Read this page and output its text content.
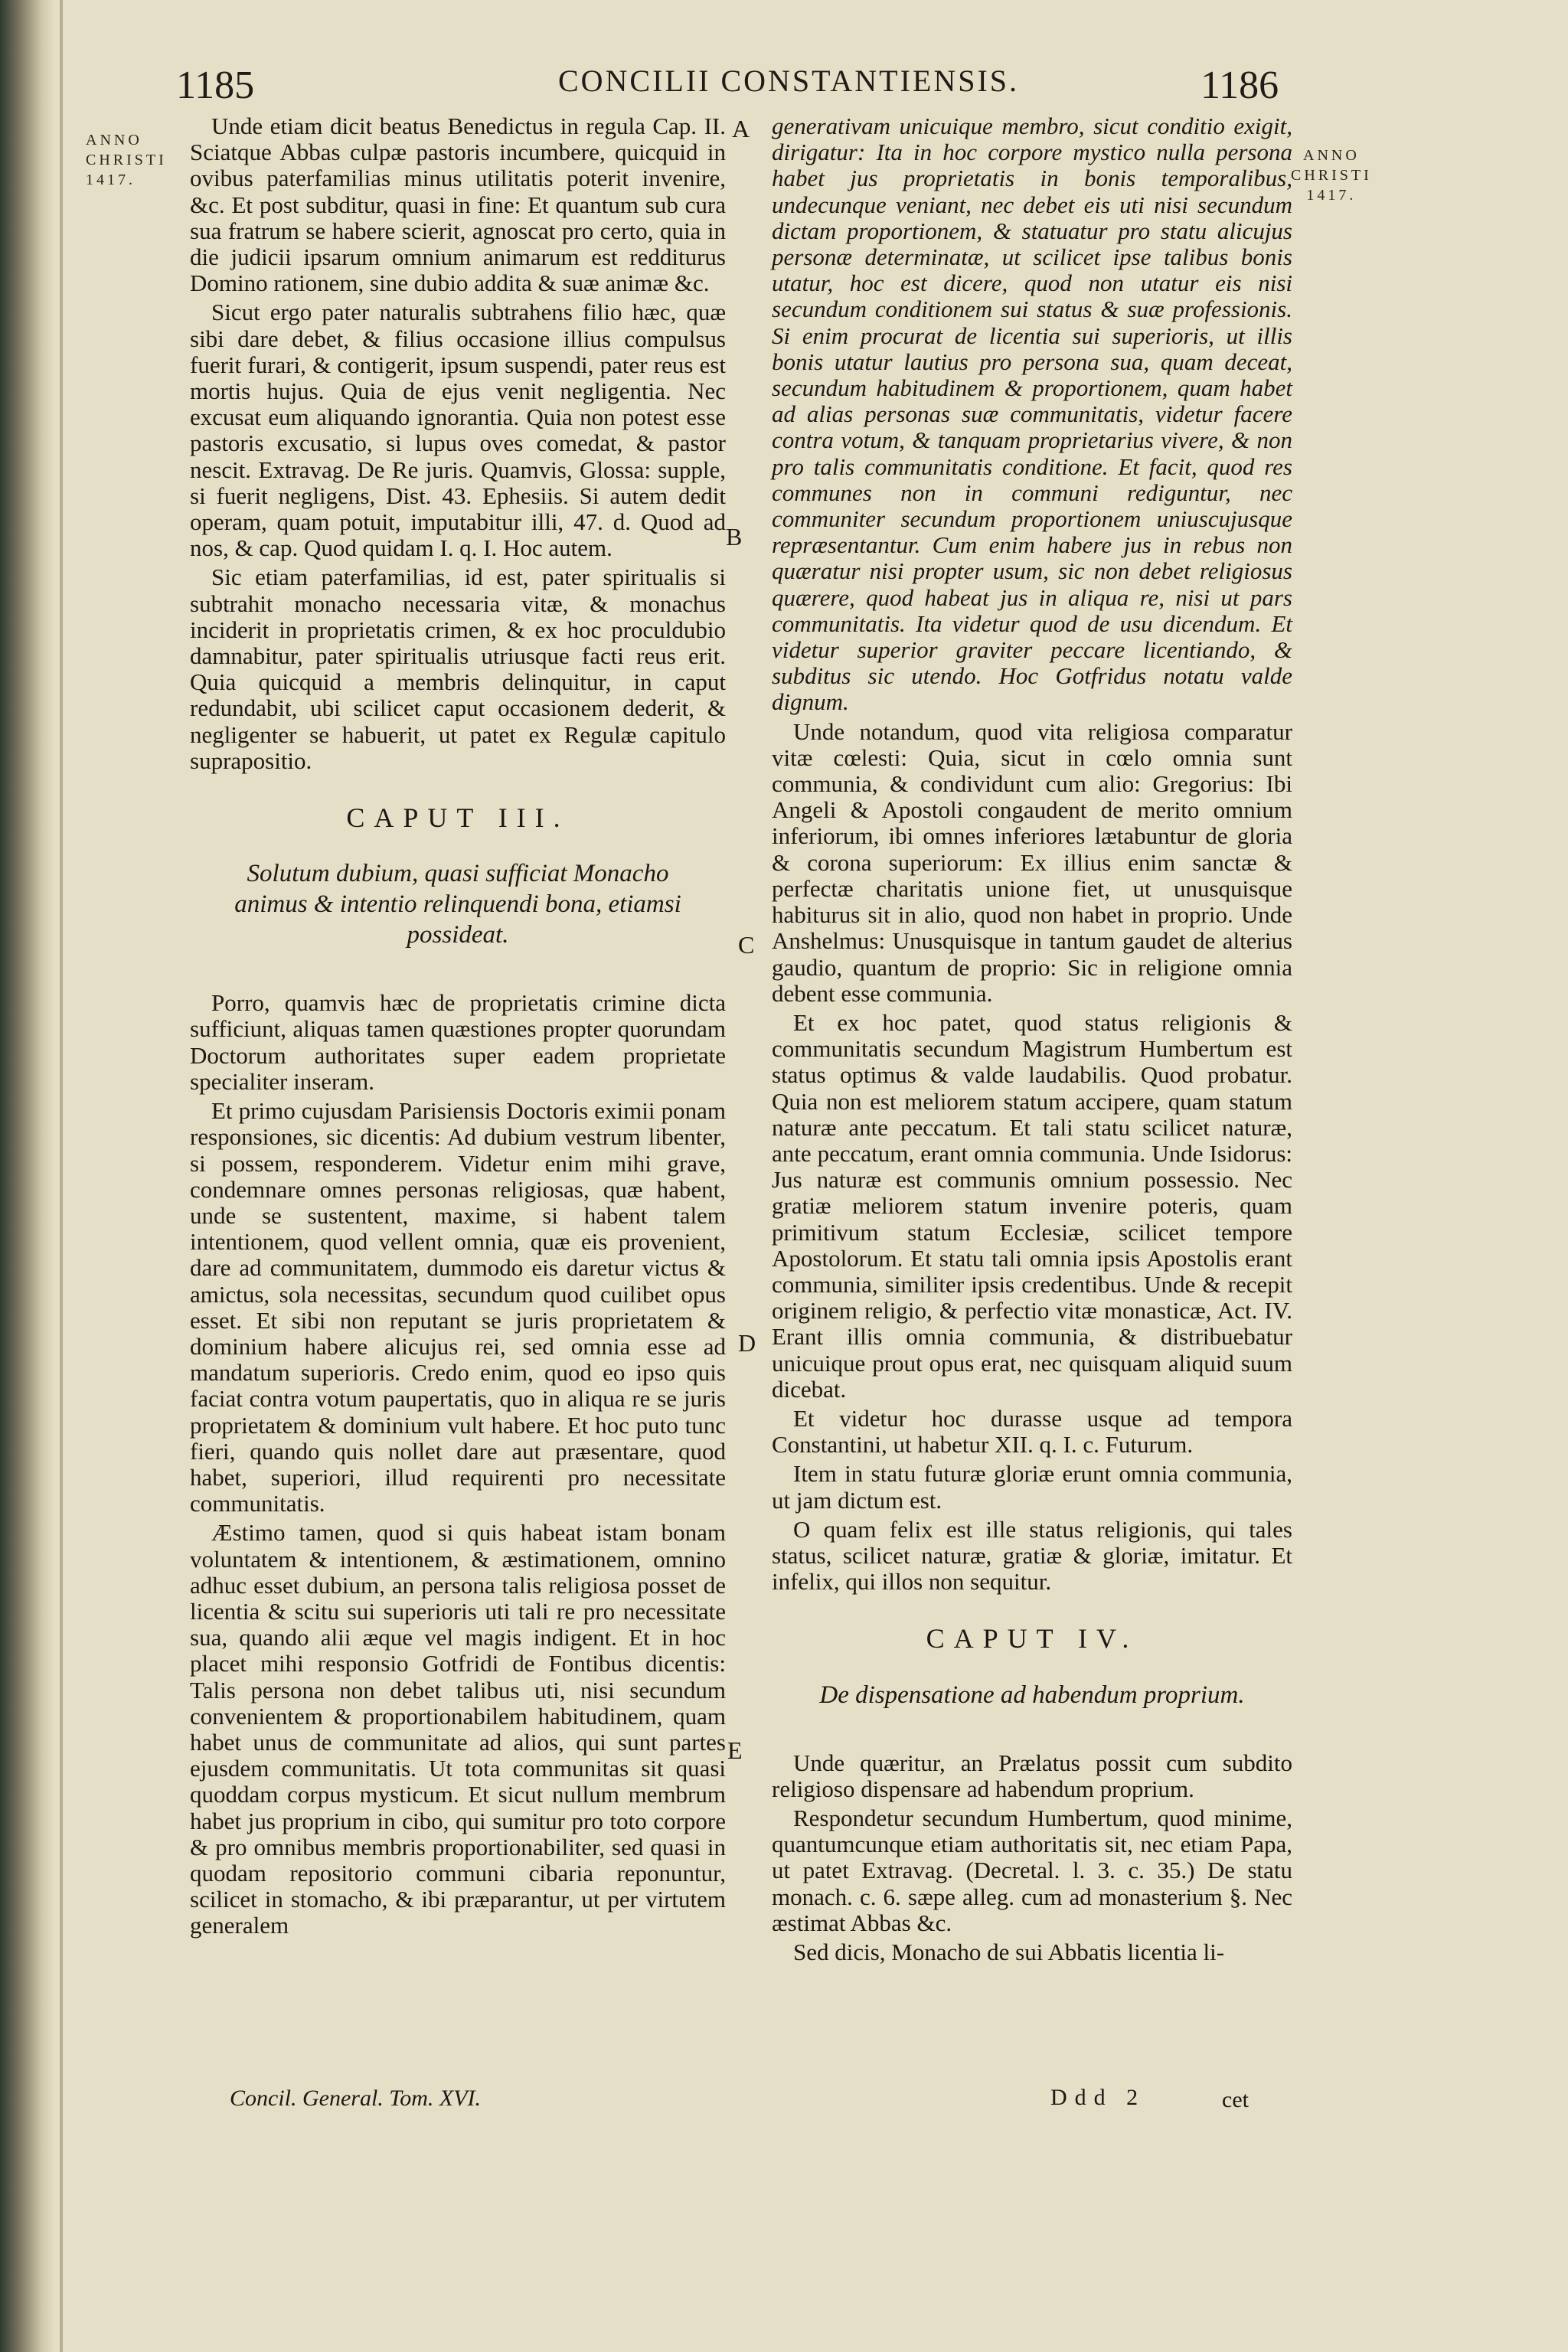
1185	CONCILII CONSTANTIENSIS.	1186
ANNO
CHRISTI
1417.
ANNO
CHRISTI
1417.
A
B
C
D
E

Unde etiam dicit beatus Benedictus in regula Cap. II. Sciatque Abbas culpæ pastoris incumbere, quicquid in ovibus paterfamilias minus utilitatis poterit invenire, &c. Et post subditur, quasi in fine: Et quantum sub cura sua fratrum se habere scierit, agnoscat pro certo, quia in die judicii ipsarum omnium animarum est redditurus Domino rationem, sine dubio addita & suæ animæ &c.

Sicut ergo pater naturalis subtrahens filio hæc, quæ sibi dare debet, & filius occasione illius compulsus fuerit furari, & contigerit, ipsum suspendi, pater reus est mortis hujus. Quia de ejus venit negligentia. Nec excusat eum aliquando ignorantia. Quia non potest esse pastoris excusatio, si lupus oves comedat, & pastor nescit. Extravag. De Re juris. Quamvis, Glossa: supple, si fuerit negligens, Dist. 43. Ephesiis. Si autem dedit operam, quam potuit, imputabitur illi, 47. d. Quod ad nos, & cap. Quod quidam I. q. I. Hoc autem.

Sic etiam paterfamilias, id est, pater spiritualis si subtrahit monacho necessaria vitæ, & monachus inciderit in proprietatis crimen, & ex hoc proculdubio damnabitur, pater spiritualis utriusque facti reus erit. Quia quicquid a membris delinquitur, in caput redundabit, ubi scilicet caput occasionem dederit, & negligenter se habuerit, ut patet ex Regulæ capitulo suprapositio.

CAPUT III.
Solutum dubium, quasi sufficiat Monacho animus & intentio relinquendi bona, etiamsi possideat.

Porro, quamvis hæc de proprietatis crimine dicta sufficiunt, aliquas tamen quæstiones propter quorundam Doctorum authoritates super eadem proprietate specialiter inseram.

Et primo cujusdam Parisiensis Doctoris eximii ponam responsiones, sic dicentis: Ad dubium vestrum libenter, si possem, responderem. Videtur enim mihi grave, condemnare omnes personas religiosas, quæ habent, unde se sustentent, maxime, si habent talem intentionem, quod vellent omnia, quæ eis provenient, dare ad communitatem, dummodo eis daretur victus & amictus, sola necessitas, secundum quod cuilibet opus esset. Et sibi non reputant se juris proprietatem & dominium habere alicujus rei, sed omnia esse ad mandatum superioris. Credo enim, quod eo ipso quis faciat contra votum paupertatis, quo in aliqua re se juris proprietatem & dominium vult habere. Et hoc puto tunc fieri, quando quis nollet dare aut præsentare, quod habet, superiori, illud requirenti pro necessitate communitatis.

Æstimo tamen, quod si quis habeat istam bonam voluntatem & intentionem, & æstimationem, omnino adhuc esset dubium, an persona talis religiosa posset de licentia & scitu sui superioris uti tali re pro necessitate sua, quando alii æque vel magis indigent. Et in hoc placet mihi responsio Gotfridi de Fontibus dicentis: Talis persona non debet talibus uti, nisi secundum convenientem & proportionabilem habitudinem, quam habet unus de communitate ad alios, qui sunt partes ejusdem communitatis. Ut tota communitas sit quasi quoddam corpus mysticum. Et sicut nullum membrum habet jus proprium in cibo, qui sumitur pro toto corpore & pro omnibus membris proportionabiliter, sed quasi in quodam repositorio communi cibaria reponuntur, scilicet in stomacho, & ibi præparantur, ut per virtutem generalem

generativam unicuique membro, sicut conditio exigit, dirigatur: Ita in hoc corpore mystico nulla persona habet jus proprietatis in bonis temporalibus, undecunque veniant, nec debet eis uti nisi secundum dictam proportionem, & statuatur pro statu alicujus personæ determinatæ, ut scilicet ipse talibus bonis utatur, hoc est dicere, quod non utatur eis nisi secundum conditionem sui status & suæ professionis. Si enim procurat de licentia sui superioris, ut illis bonis utatur lautius pro persona sua, quam deceat, secundum habitudinem & proportionem, quam habet ad alias personas suæ communitatis, videtur facere contra votum, & tanquam proprietarius vivere, & non pro talis communitatis conditione. Et facit, quod res communes non in communi rediguntur, nec communiter secundum proportionem uniuscujusque repræsentantur. Cum enim habere jus in rebus non quæratur nisi propter usum, sic non debet religiosus quærere, quod habeat jus in aliqua re, nisi ut pars communitatis. Ita videtur quod de usu dicendum. Et videtur superior graviter peccare licentiando, & subditus sic utendo. Hoc Gotfridus notatu valde dignum.

Unde notandum, quod vita religiosa comparatur vitæ cœlesti: Quia, sicut in cœlo omnia sunt communia, & condividunt cum alio: Gregorius: Ibi Angeli & Apostoli congaudent de merito omnium inferiorum, ibi omnes inferiores lætabuntur de gloria & corona superiorum: Ex illius enim sanctæ & perfectæ charitatis unione fiet, ut unusquisque habiturus sit in alio, quod non habet in proprio. Unde Anshelmus: Unusquisque in tantum gaudet de alterius gaudio, quantum de proprio: Sic in religione omnia debent esse communia.

Et ex hoc patet, quod status religionis & communitatis secundum Magistrum Humbertum est status optimus & valde laudabilis. Quod probatur. Quia non est meliorem statum accipere, quam statum naturæ ante peccatum. Et tali statu scilicet naturæ, ante peccatum, erant omnia communia. Unde Isidorus: Jus naturæ est communis omnium possessio. Nec gratiæ meliorem statum invenire poteris, quam primitivum statum Ecclesiæ, scilicet tempore Apostolorum. Et statu tali omnia ipsis Apostolis erant communia, similiter ipsis credentibus. Unde & recepit originem religio, & perfectio vitæ monasticæ, Act. IV. Erant illis omnia communia, & distribuebatur unicuique prout opus erat, nec quisquam aliquid suum dicebat.

Et videtur hoc durasse usque ad tempora Constantini, ut habetur XII. q. I. c. Futurum.

Item in statu futuræ gloriæ erunt omnia communia, ut jam dictum est.

O quam felix est ille status religionis, qui tales status, scilicet naturæ, gratiæ & gloriæ, imitatur. Et infelix, qui illos non sequitur.

CAPUT IV.
De dispensatione ad habendum proprium.

Unde quæritur, an Prælatus possit cum subdito religioso dispensare ad habendum proprium.

Respondetur secundum Humbertum, quod minime, quantumcunque etiam authoritatis sit, nec etiam Papa, ut patet Extravag. (Decretal. l. 3. c. 35.) De statu monach. c. 6. sæpe alleg. cum ad monasterium §. Nec æstimat Abbas &c.

Sed dicis, Monacho de sui Abbatis licentia li-

Concil. General. Tom. XVI.	Ddd 2	cet
